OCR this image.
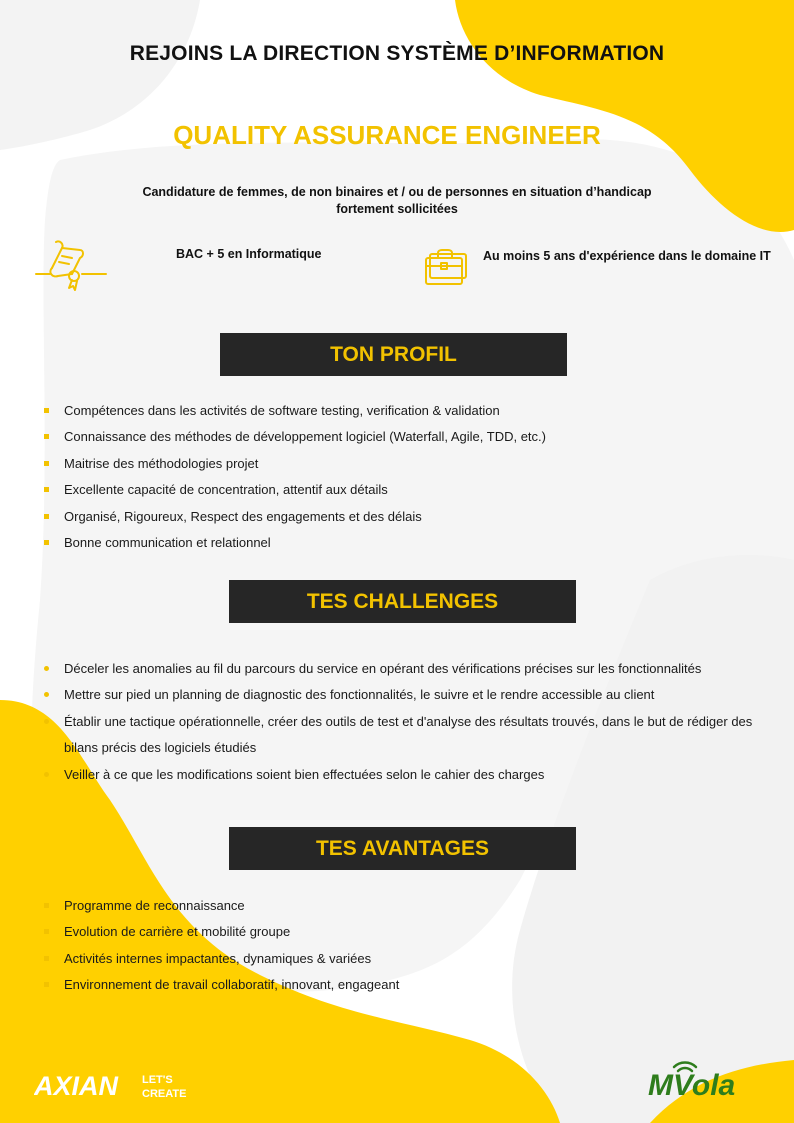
REJOINS LA DIRECTION SYSTÈME D’INFORMATION
QUALITY ASSURANCE ENGINEER
Candidature de femmes, de non binaires et / ou de personnes en situation d’handicap
fortement sollicitées
BAC + 5 en Informatique	Au moins 5 ans d'expérience dans le domaine IT
TON PROFIL
Compétences dans les activités de software testing, verification & validation
Connaissance des méthodes de développement logiciel (Waterfall, Agile, TDD, etc.)
Maitrise des méthodologies projet
Excellente capacité de concentration, attentif aux détails
Organisé, Rigoureux, Respect des engagements et des délais
Bonne communication et relationnel
TES CHALLENGES
Déceler les anomalies au fil du parcours du service en opérant des vérifications précises sur les fonctionnalités
Mettre sur pied un planning de diagnostic des fonctionnalités, le suivre et le rendre accessible au client
Établir une tactique opérationnelle, créer des outils de test et d'analyse des résultats trouvés, dans le but de rédiger des bilans précis des logiciels étudiés
Veiller à ce que les modifications soient bien effectuées selon le cahier des charges
TES AVANTAGES
Programme de reconnaissance
Evolution de carrière et mobilité groupe
Activités internes impactantes, dynamiques & variées
Environnement de travail collaboratif, innovant, engageant
AXIAN LET'S
CREATE	MVola
